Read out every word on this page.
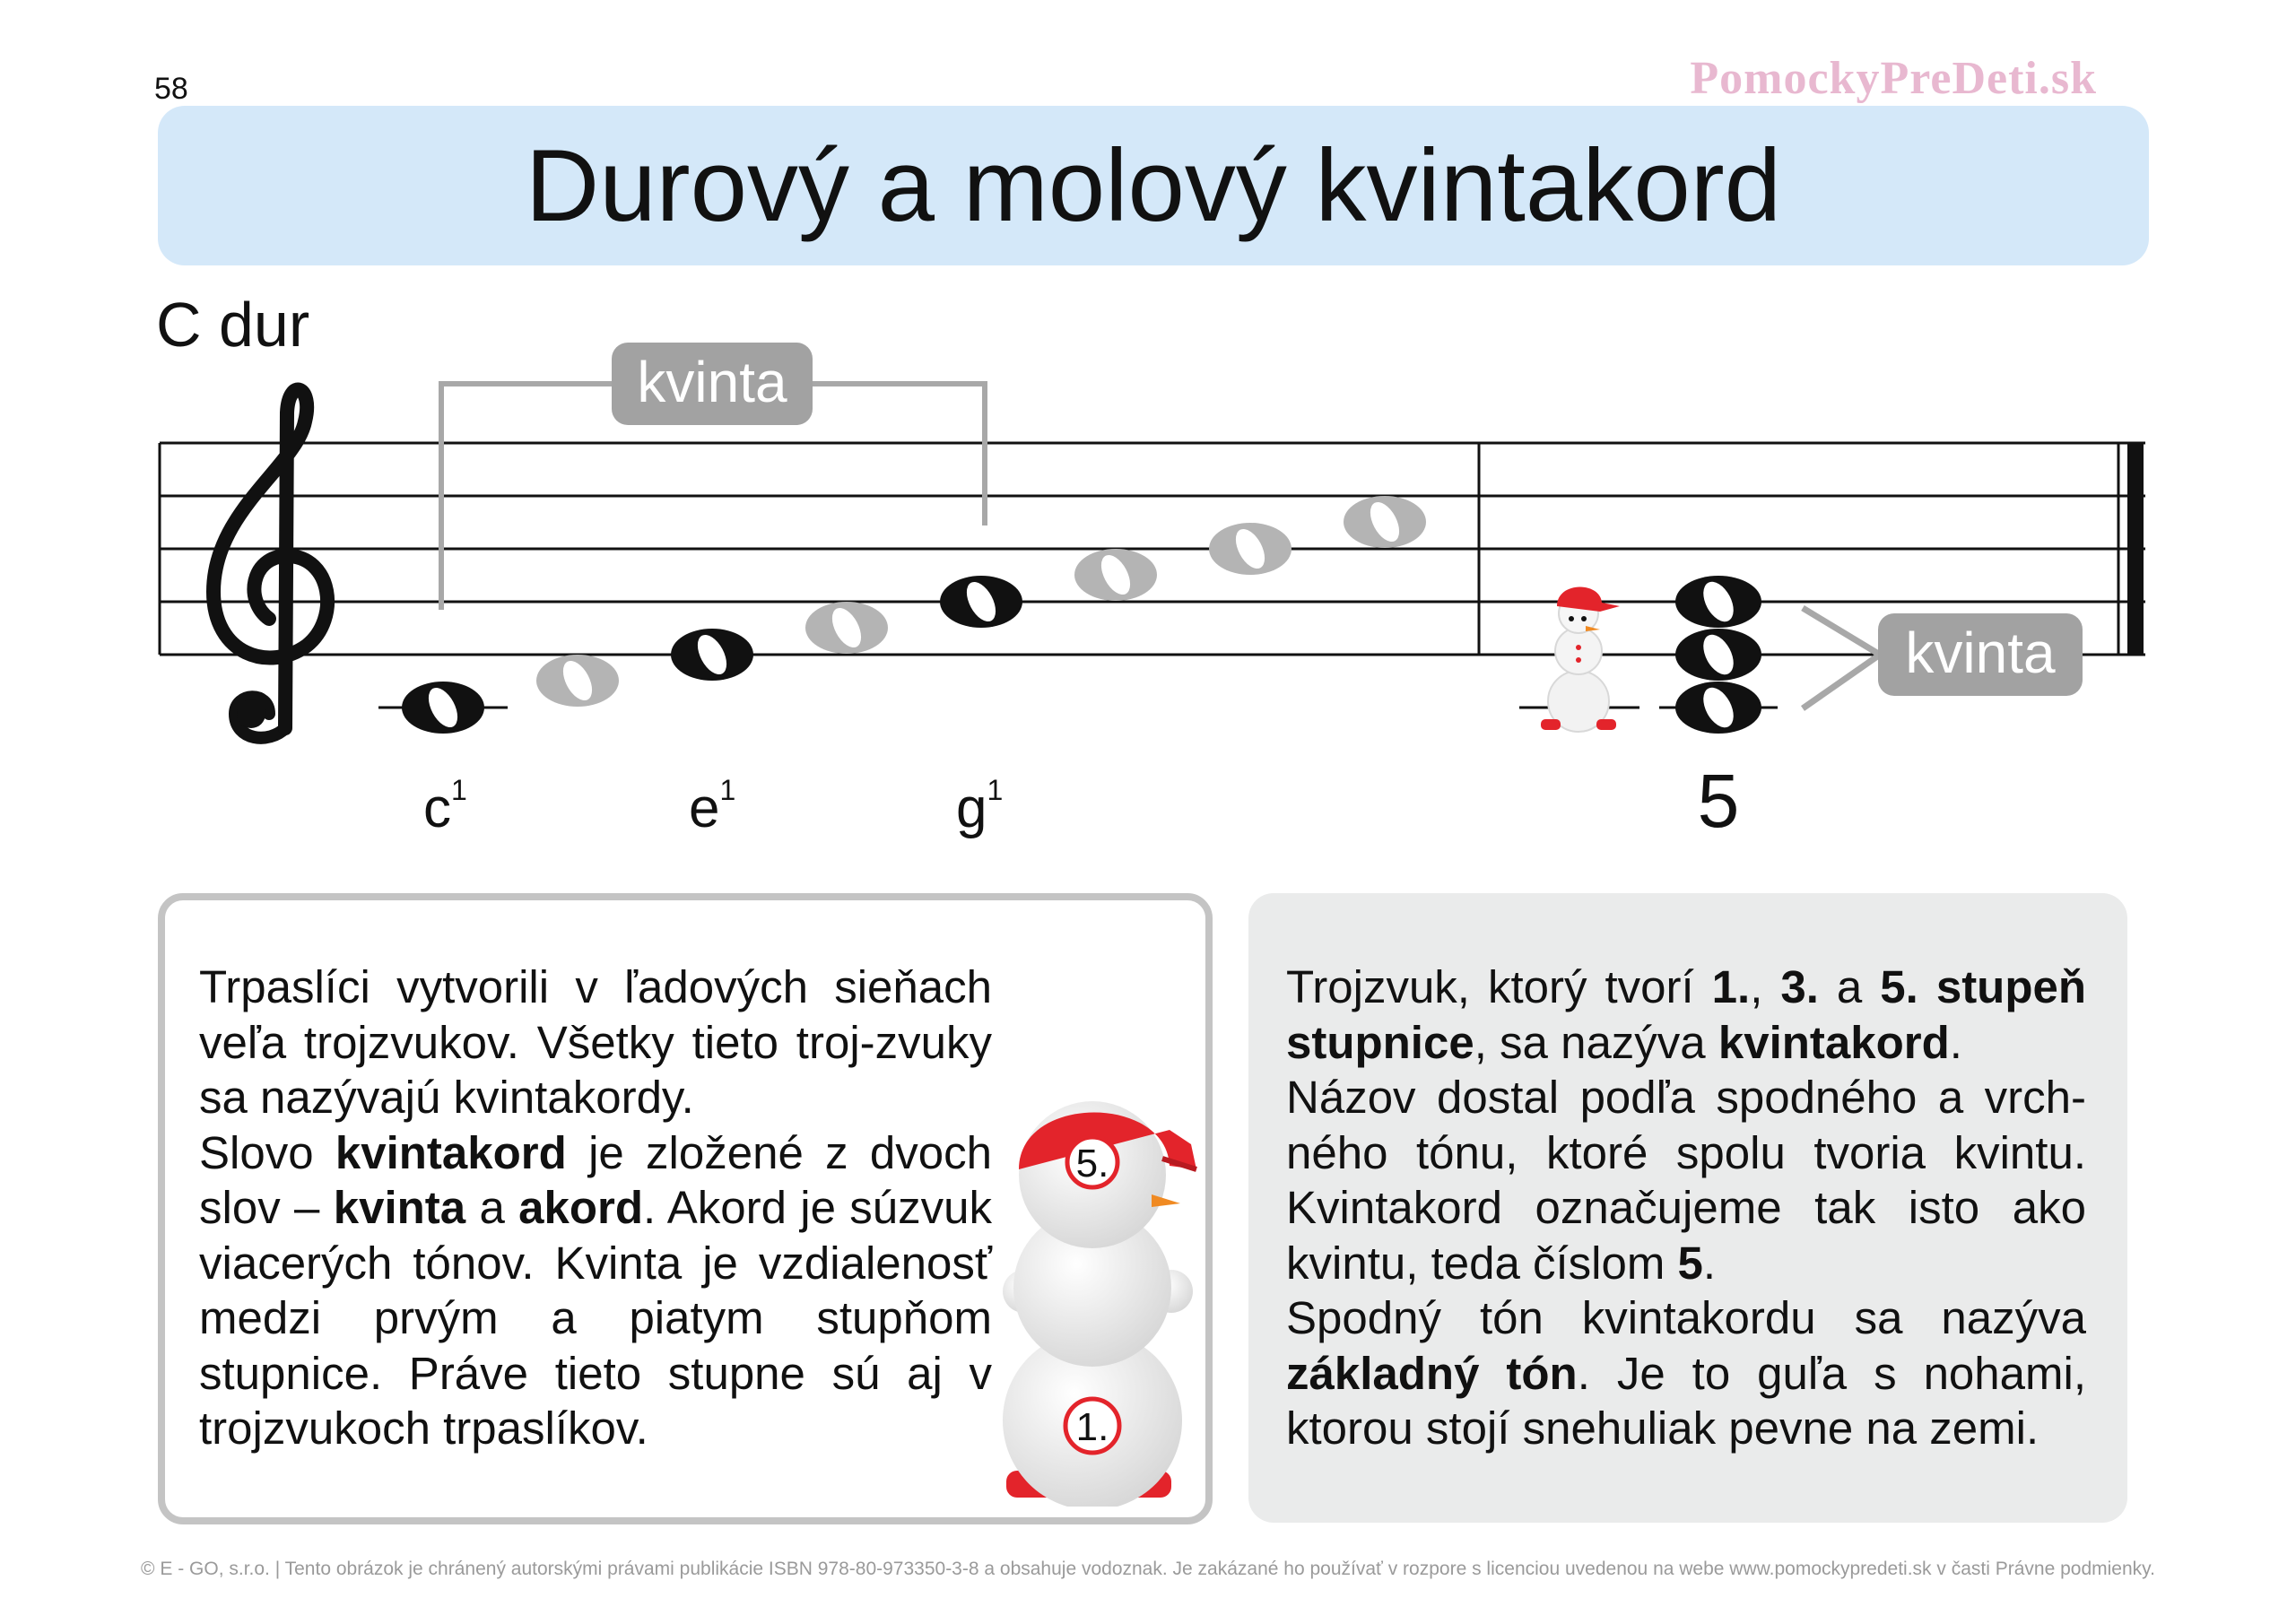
58	PomockyPreDeti.sk
Durový a molový kvintakord
C dur
kvinta
kvinta
$c^1$	$e^1$	$g^1$	5

Trpaslíci vytvorili v ľadových sieňach veľa trojzvukov. Všetky tieto troj-zvuky sa nazývajú kvintakordy.

Slovo kvintakord je zložené z dvoch slov – kvinta a akord. Akord je súzvuk viacerých tónov. Kvinta je vzdialenosť medzi prvým a piatym stupňom stupnice. Práve tieto stupne sú aj v trojzvukoch trpaslíkov.

5.
1.

Trojzvuk, ktorý tvorí 1., 3. a 5. stupeň stupnice, sa nazýva kvintakord.

Názov dostal podľa spodného a vrch-ného tónu, ktoré spolu tvoria kvintu. Kvintakord označujeme tak isto ako kvintu, teda číslom 5.

Spodný tón kvintakordu sa nazýva základný tón. Je to guľa s nohami, ktorou stojí snehuliak pevne na zemi.

© E - GO, s.r.o. | Tento obrázok je chránený autorskými právami publikácie ISBN 978-80-973350-3-8 a obsahuje vodoznak. Je zakázané ho používať v rozpore s licenciou uvedenou na webe www.pomockypredeti.sk v časti Právne podmienky.
